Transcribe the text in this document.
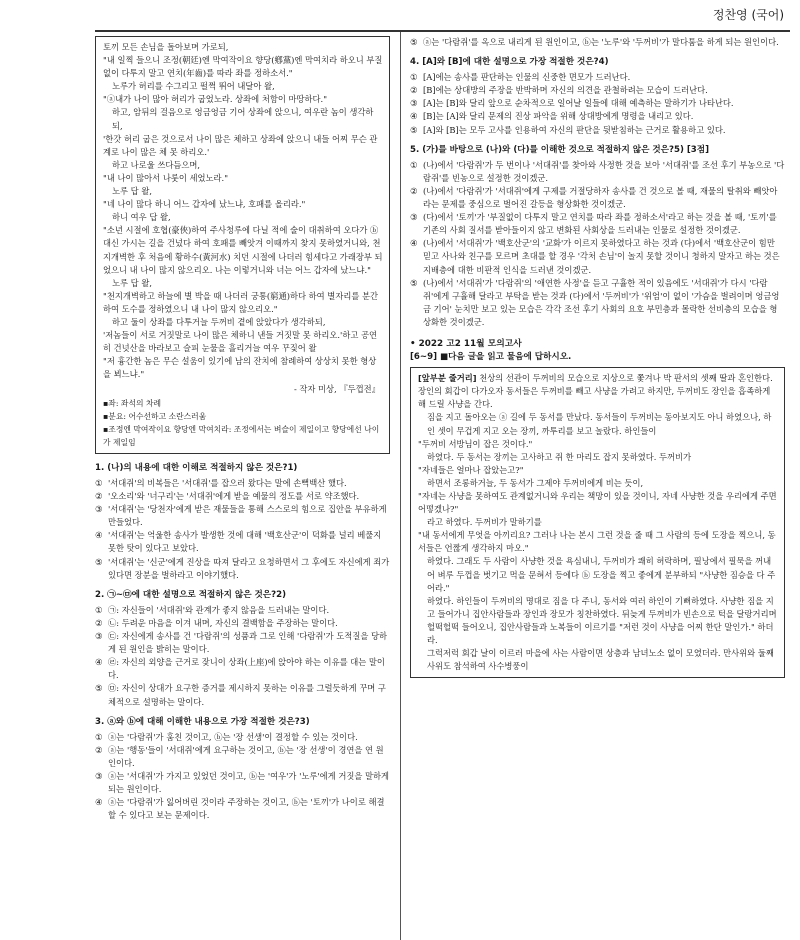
정찬영 (국어)

토끼 모든 손님을 돌아보며 가로되,

"내 일찍 들으니 조정(朝廷)엔 막여작이요 향당(鄕黨)엔 막여치라 하오니 부질없이 다투지 말고 연치(年齒)를 따라 좌를 정하소서."

노루가 허리를 수그리고 펄쩍 뛰어 내달아 왈,

"ⓐ내가 나이 많아 허리가 굽었노라. 상좌에 처함이 마땅하다."

하고, 암뒤의 걸음으로 엉금엉금 기어 상좌에 앉으니, 여우란 놈이 생각하되,

'한갓 허리 굽은 것으로서 나이 많은 체하고 상좌에 앉으니 내들 어찌 무슨 관계로 나이 많은 체 못 하리오.'

하고 나로울 쓰다듬으며,

"내 나이 많아서 나룻이 세었노라."

노루 답 왈,

"네 나이 많다 하니 어느 갑자에 났느냐, 호패를 올리라."

하니 여우 답 왈,

"소년 시절에 호협(豪俠)하여 주사청루에 다닐 적에 술이 대취하여 오다가 ⓑ대신 가시는 길을 건넜다 하여 호패를 빼앗겨 이때까지 찾지 못하였거니와, 천지개벽한 후 처음에 황하수(黃河水) 치던 시절에 나더러 힘세다고 가래장부 되었으니 내 나이 많지 않으리오. 나는 이렇거니와 너는 어느 갑자에 났느냐."

노루 답 왈,

"천지개벽하고 하늘에 별 박을 때 나더러 궁통(窮通)하다 하여 별자리를 분간하여 도수를 정하였으니 내 나이 많지 않으리오."

하고 둘이 상좌를 다투거늘 두꺼비 곁에 앉았다가 생각하되,

'저놈들이 서로 거짓말로 나이 많은 체하니 낸들 거짓말 못 하리오.'하고 공연히 건넛산을 바라보고 슬피 눈물을 흘리거늘 여우 꾸짖어 왈

"저 흉간한 놈은 무슨 설움이 있기에 남의 잔치에 참례하여 상상치 못한 형상을 뵈느냐."

- 작자 미상, 『두껍전』

▪좌: 좌석의 차례

▪분요: 어수선하고 소란스러움

▪조정엔 막여작이요 향당엔 막여치라: 조정에서는 벼슬이 제일이고 향당에선 나이가 제일임

1. (나)의 내용에 대한 이해로 적절하지 않은 것은?1)

① '서대쥐'의 비복들은 '서대쥐'를 잡으러 왔다는 말에 손뻑백산 했다.
② '오소리'와 '너구리'는 '서대쥐'에게 받을 예물의 정도를 서로 약조했다.
③ '서대쥐'는 '당천자'에게 받은 재물들을 통해 스스로의 힘으로 집안을 부유하게 만들었다.
④ '서대쥐'는 억울한 송사가 발생한 것에 대해 '백호산군'이 덕화를 널리 베풀지 못한 탓이 있다고 보았다.
⑤ '서대쥐'는 '신군'에게 진상을 따져 달라고 요청하면서 그 후에도 자신에게 죄가 있다면 장분을 벌하라고 이야기했다.

2. ㉠~㉤에 대한 설명으로 적절하지 않은 것은?2)

① ㉠: 자신들이 '서대쥐'와 관계가 좋지 않음을 드러내는 말이다.
② ㉡: 두려운 마음을 이겨 내며, 자신의 결백함을 주장하는 말이다.
③ ㉢: 자신에게 송사를 건 '다람쥐'의 성품과 그로 인해 '다람쥐'가 도적질을 당하게 된 원인을 밝히는 말이다.
④ ㉣: 자신의 외양을 근거로 잦니이 상좌(上座)에 앉아야 하는 이유를 대는 말이다.
⑤ ㉤: 자신이 상대가 요구한 증거를 제시하지 못하는 이유를 그럴듯하게 꾸며 구체적으로 설명하는 말이다.

3. ⓐ와 ⓑ에 대해 이해한 내용으로 가장 적절한 것은?3)

① ⓐ는 '다람쥐'가 훔친 것이고, ⓑ는 '장 선생'이 결정할 수 있는 것이다.
② ⓐ는 '행동'들이 '서대쥐'에게 요구하는 것이고, ⓑ는 '장 선생'이 경연을 연 원인이다.
③ ⓐ는 '서대쥐'가 가지고 있었던 것이고, ⓑ는 '여우'가 '노루'에게 거짓을 말하게 되는 원인이다.
④ ⓐ는 '다람쥐'가 잃어버린 것이라 주장하는 것이고, ⓑ는 '토끼'가 나이로 해결할 수 있다고 보는 문제이다.
⑤ ⓐ는 '다람쥐'를 옥으로 내리게 된 원인이고, ⓑ는 '노루'와 '두꺼비'가 말다툼을 하게 되는 원인이다.

4. [A]와 [B]에 대한 설명으로 가장 적절한 것은?4)

① [A]에는 송사를 판단하는 인물의 신중한 면모가 드러난다.
② [B]에는 상대방의 주장을 반박하며 자신의 의견을 관철하려는 모습이 드러난다.
③ [A]는 [B]와 달리 앞으로 순차적으로 일어날 일들에 대해 예측하는 말하기가 나타난다.
④ [B]는 [A]와 달리 문제의 진상 파악을 위해 상대방에게 명령을 내리고 있다.
⑤ [A]와 [B]는 모두 고사를 인용하여 자신의 판단을 뒷받침하는 근거로 활용하고 있다.

5. (가)를 바탕으로 (나)와 (다)를 이해한 것으로 적절하지 않은 것은?5) [3점]

① (나)에서 '다람쥐'가 두 번이나 '서대쥐'를 찾아와 사정한 것을 보아 '서대쥐'를 조선 후기 부농으로 '다람쥐'를 빈농으로 설정한 것이겠군.
② (나)에서 '다람쥐'가 '서대쥐'에게 구제를 거절당하자 송사를 건 것으로 볼 때, 재물의 탈취와 빼앗아라는 문제를 중심으로 벌어진 갈등을 형상화한 것이겠군.
③ (다)에서 '토끼'가 '부질없이 다투지 말고 연치를 따라 좌를 정하소서'라고 하는 것을 볼 때, '토끼'를 기존의 사회 질서를 받아들이지 않고 변화된 사회상을 드러내는 인물로 설정한 것이겠군.
④ (나)에서 '서대쥐'가 '백호산군'의 '교화'가 이르지 못하였다고 하는 것과 (다)에서 '백호산군이 힘만 믿고 사나와 친구를 모르며 초대를 할 경우 '각처 손님'이 놀지 못할 것이니 청하지 말자고 하는 것은 지배층에 대한 비판적 인식을 드러낸 것이겠군.
⑤ (나)에서 '서대쥐'가 '다람쥐'의 '애연한 사정'을 듣고 구휼한 적이 있음에도 '서대쥐'가 다시 '다람쥐'에게 구휼해 달라고 부탁을 받는 것과 (다)에서 '두꺼비'가 '위엄'이 없이 '가슴을 벌려이며 엉금엉금 기어' 눈치만 보고 있는 모습은 각각 조선 후기 사회의 요호 부민층과 몰락한 선비층의 모습을 형상화한 것이겠군.

• 2022 고2 11월 모의고사

[6~9] ■다음 글을 읽고 물음에 답하시오.

[앞부분 줄거리] 천상의 선관이 두꺼비의 모습으로 지상으로 쫓겨나 박 판서의 셋째 딸과 혼인한다. 장인의 회갑이 다가오자 동서들은 두꺼비를 빼고 사냥을 가려고 하지만, 두꺼비도 장인을 흡족하게 해 드릴 사냥을 간다.

짐을 지고 돌아오는 ⓐ 길에 두 동서를 만났다. 동서들이 두꺼비는 동아보지도 아니 하였으나, 하인 셋이 무겁게 지고 오는 장끼, 까투리를 보고 놀랐다. 하인들이

"두꺼비 서방님이 잡은 것이다."

하였다. 두 동서는 장끼는 고사하고 쥐 한 마리도 잡지 못하였다. 두꺼비가

"자네들은 얼마나 잡았는고?"

하면서 조롱하거늘, 두 동서가 그제야 두꺼비에게 비는 듯이,

"자네는 사냥을 못하여도 관계없거니와 우리는 책망이 있을 것이니, 자네 사냥한 것을 우리에게 주면 어떻겠나?"

라고 하였다. 두꺼비가 말하기를

"내 동서에게 무엇을 아끼리요? 그러나 나는 본시 그런 것을 줄 때 그 사람의 등에 도장을 찍으니, 동서들은 언짢게 생각하지 마오."

하였다. 그래도 두 사람이 사냥한 것을 욕심내니, 두꺼비가 쾌히 허락하며, 필낭에서 필묵을 꺼내어 벼루 두껍을 벗기고 먹을 문혀서 등에다 ⓑ 도장을 찍고 좋에게 분부하되 "사냥한 짐승을 다 주어라."

하였다. 하인들이 두꺼비의 명대로 짐을 다 주니, 동서와 여러 하인이 기뻐하였다. 사냥한 짐을 지고 들어가니 집안사람들과 장인과 장모가 칭찬하였다. 뒤늦게 두꺼비가 빈손으로 턱을 달랑거리며 헐떡헐떡 들어오니, 집안사람들과 노복들이 이르기를 "저런 것이 사냥을 어찌 한단 말인가." 하더라.

그럭저럭 회갑 날이 이르러 마을에 사는 사람이면 상층과 남녀노소 없이 모였더라. 만사위와 둘째사위도 참석하여 사수병풍이
